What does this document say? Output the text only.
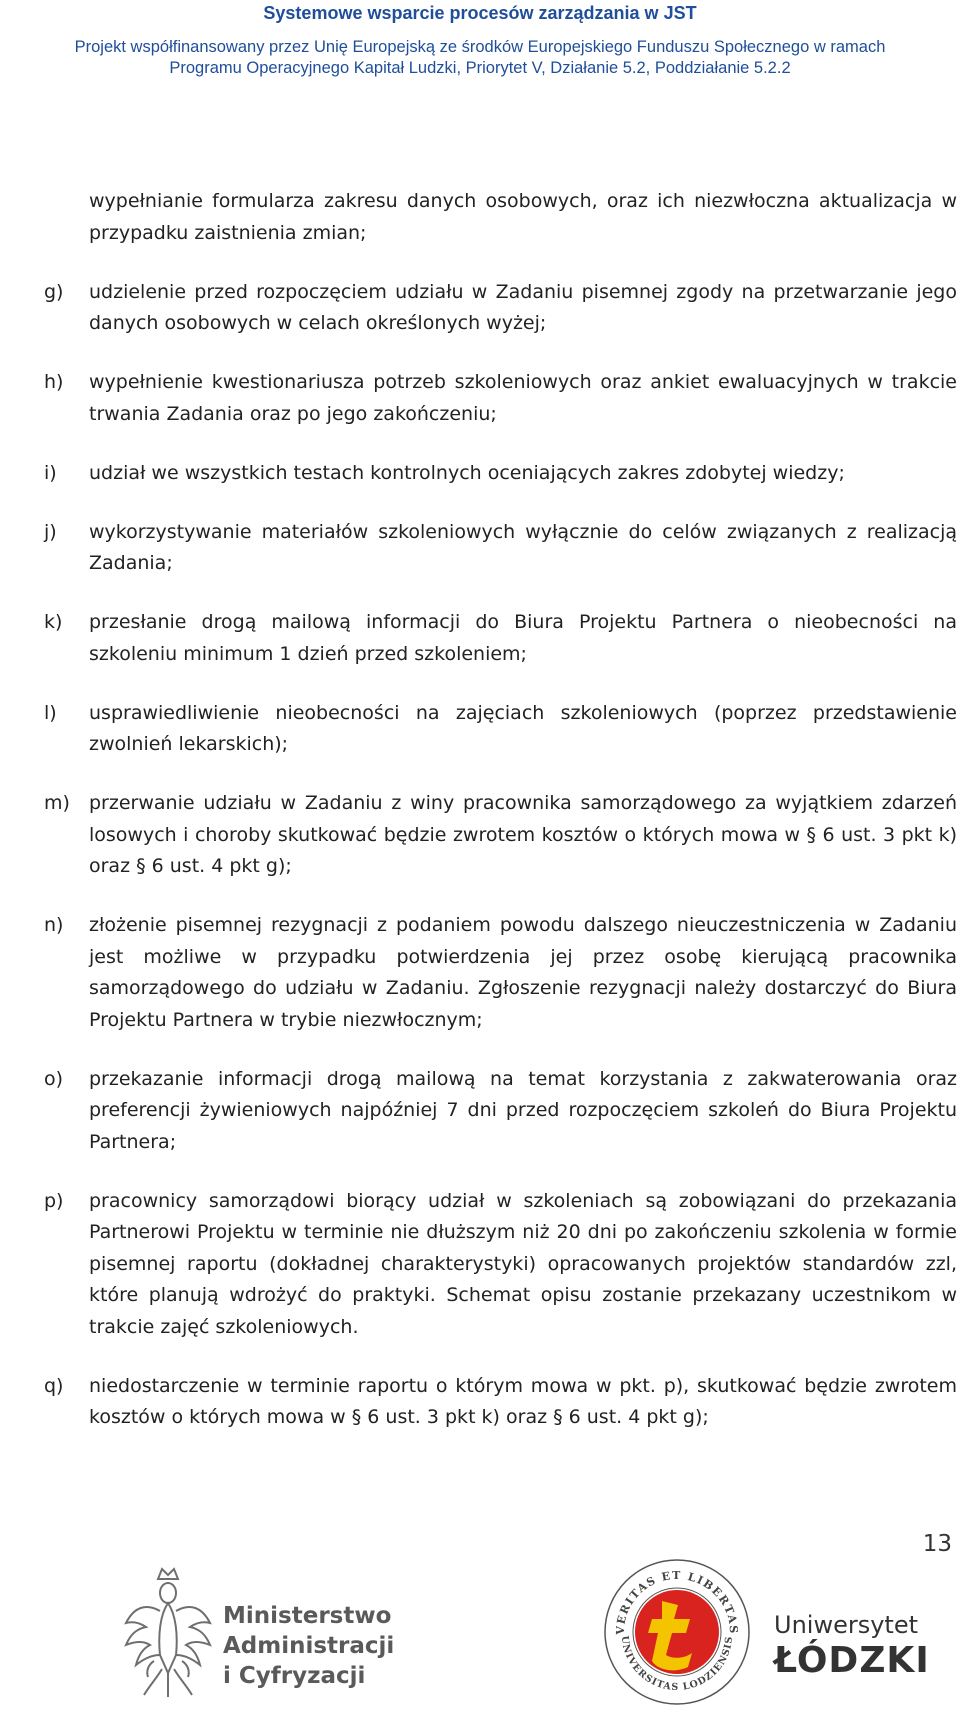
Systemowe wsparcie procesów zarządzania w JST
Projekt współfinansowany przez Unię Europejską ze środków Europejskiego Funduszu Społecznego w ramach
Programu Operacyjnego Kapitał Ludzki, Priorytet V, Działanie 5.2, Poddziałanie 5.2.2
wypełnianie formularza zakresu danych osobowych, oraz ich niezwłoczna aktualizacja w przypadku zaistnienia zmian;
g)	udzielenie przed rozpoczęciem udziału w Zadaniu pisemnej zgody na przetwarzanie jego danych osobowych w celach określonych wyżej;
h)	wypełnienie kwestionariusza potrzeb szkoleniowych oraz ankiet ewaluacyjnych w trakcie trwania Zadania oraz po jego zakończeniu;
i)	udział we wszystkich testach kontrolnych oceniających zakres zdobytej wiedzy;
j)	wykorzystywanie materiałów szkoleniowych wyłącznie do celów związanych z realizacją Zadania;
k)	przesłanie drogą mailową informacji do Biura Projektu Partnera o nieobecności na szkoleniu minimum 1 dzień przed szkoleniem;
l)	usprawiedliwienie nieobecności na zajęciach szkoleniowych (poprzez przedstawienie zwolnień lekarskich);
m)	przerwanie udziału w Zadaniu z winy pracownika samorządowego za wyjątkiem zdarzeń losowych i choroby skutkować będzie zwrotem kosztów o których mowa w § 6 ust. 3 pkt k) oraz § 6 ust. 4 pkt g);
n)	złożenie pisemnej rezygnacji z podaniem powodu dalszego nieuczestniczenia w Zadaniu jest możliwe w przypadku potwierdzenia jej przez osobę kierującą pracownika samorządowego do udziału w Zadaniu. Zgłoszenie rezygnacji należy dostarczyć do Biura Projektu Partnera w trybie niezwłocznym;
o)	przekazanie informacji drogą mailową na temat korzystania z zakwaterowania oraz preferencji żywieniowych najpóźniej 7 dni przed rozpoczęciem szkoleń do Biura Projektu Partnera;
p)	pracownicy samorządowi biorący udział w szkoleniach są zobowiązani do przekazania Partnerowi Projektu w terminie nie dłuższym niż 20 dni po zakończeniu szkolenia w formie pisemnej raportu (dokładnej charakterystyki) opracowanych projektów standardów zzl, które planują wdrożyć do praktyki. Schemat opisu zostanie przekazany uczestnikom w trakcie zajęć szkoleniowych.
q)	niedostarczenie w terminie raportu o którym mowa w pkt. p), skutkować będzie zwrotem kosztów o których mowa w § 6 ust. 3 pkt k) oraz § 6 ust. 4 pkt g);
13
Ministerstwo
Administracji
i Cyfryzacji
VERITAS ET LIBERTAS
UNIVERSITAS LODZIENSIS
Uniwersytet
ŁÓDZKI
